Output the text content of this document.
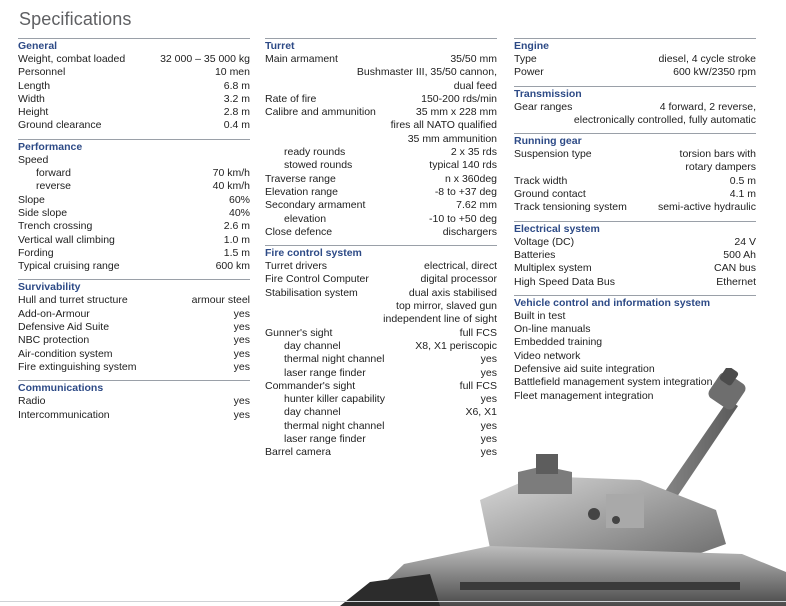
Specifications
General
Weight, combat loaded	32 000 – 35 000 kg
Personnel	10 men
Length	6.8 m
Width	3.2 m
Height	2.8 m
Ground clearance	0.4 m
Performance
Speed
forward	70 km/h
reverse	40 km/h
Slope	60%
Side slope	40%
Trench crossing	2.6 m
Vertical wall climbing	1.0 m
Fording	1.5 m
Typical cruising range	600 km
Survivability
Hull and turret structure	armour steel
Add-on-Armour	yes
Defensive Aid Suite	yes
NBC protection	yes
Air-condition system	yes
Fire extinguishing system	yes
Communications
Radio	yes
Intercommunication	yes
Turret
Main armament	35/50 mm
Bushmaster III, 35/50 cannon,
dual feed
Rate of fire	150-200 rds/min
Calibre and ammunition	35 mm x 228 mm
fires all NATO qualified
35 mm ammunition
ready rounds	2 x 35 rds
stowed rounds	typical 140 rds
Traverse range	n x 360deg
Elevation range	-8 to +37 deg
Secondary armament	7.62 mm
elevation	-10 to +50 deg
Close defence	dischargers
Fire control system
Turret drivers	electrical, direct
Fire Control Computer	digital processor
Stabilisation system	dual axis stabilised
top mirror, slaved gun
independent line of sight
Gunner's sight	full FCS
day channel	X8, X1 periscopic
thermal night channel	yes
laser range finder	yes
Commander's sight	full FCS
hunter killer capability	yes
day channel	X6, X1
thermal night channel	yes
laser range finder	yes
Barrel camera	yes
Engine
Type	diesel, 4 cycle stroke
Power	600 kW/2350 rpm
Transmission
Gear ranges	4 forward, 2 reverse,
electronically controlled, fully automatic
Running gear
Suspension type	torsion bars with
rotary dampers
Track width	0.5 m
Ground contact	4.1 m
Track tensioning system	semi-active hydraulic
Electrical system
Voltage (DC)	24 V
Batteries	500 Ah
Multiplex system	CAN bus
High Speed Data Bus	Ethernet
Vehicle control and information system
Built in test
On-line manuals
Embedded training
Video network
Defensive aid suite integration
Battlefield management system integration
Fleet management integration
